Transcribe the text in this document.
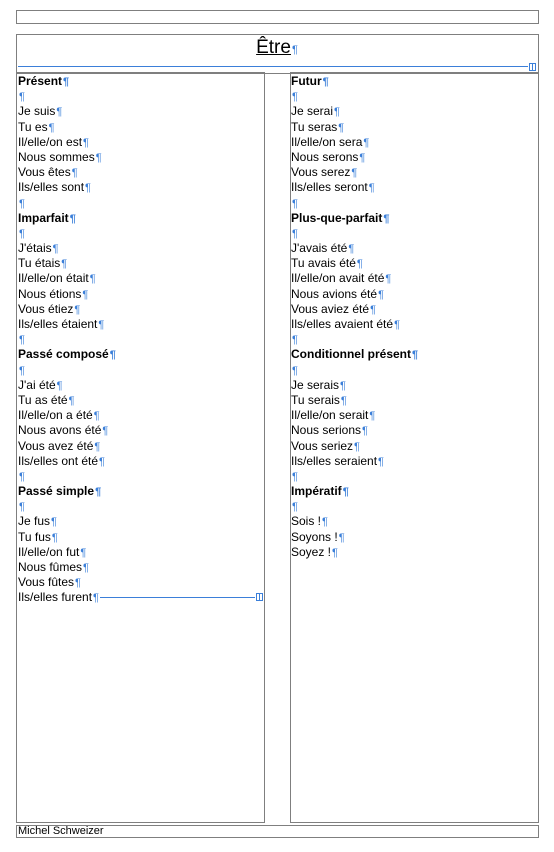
Être¶
Présent¶
¶
Je suis¶
Tu es¶
Il/elle/on est¶
Nous sommes¶
Vous êtes¶
Ils/elles sont¶
¶
Imparfait¶
¶
J'étais¶
Tu étais¶
Il/elle/on était¶
Nous étions¶
Vous étiez¶
Ils/elles étaient¶
¶
Passé composé¶
¶
J'ai été¶
Tu as été¶
Il/elle/on a été¶
Nous avons été¶
Vous avez été¶
Ils/elles ont été¶
¶
Passé simple¶
¶
Je fus¶
Tu fus¶
Il/elle/on fut¶
Nous fûmes¶
Vous fûtes¶
Ils/elles furent¶
Futur¶
¶
Je serai¶
Tu seras¶
Il/elle/on sera¶
Nous serons¶
Vous serez¶
Ils/elles seront¶
¶
Plus-que-parfait¶
¶
J'avais été¶
Tu avais été¶
Il/elle/on avait été¶
Nous avions été¶
Vous aviez été¶
Ils/elles avaient été¶
¶
Conditionnel présent¶
¶
Je serais¶
Tu serais¶
Il/elle/on serait¶
Nous serions¶
Vous seriez¶
Ils/elles seraient¶
¶
Impératif¶
¶
Sois !¶
Soyons !¶
Soyez !¶
Michel Schweizer
